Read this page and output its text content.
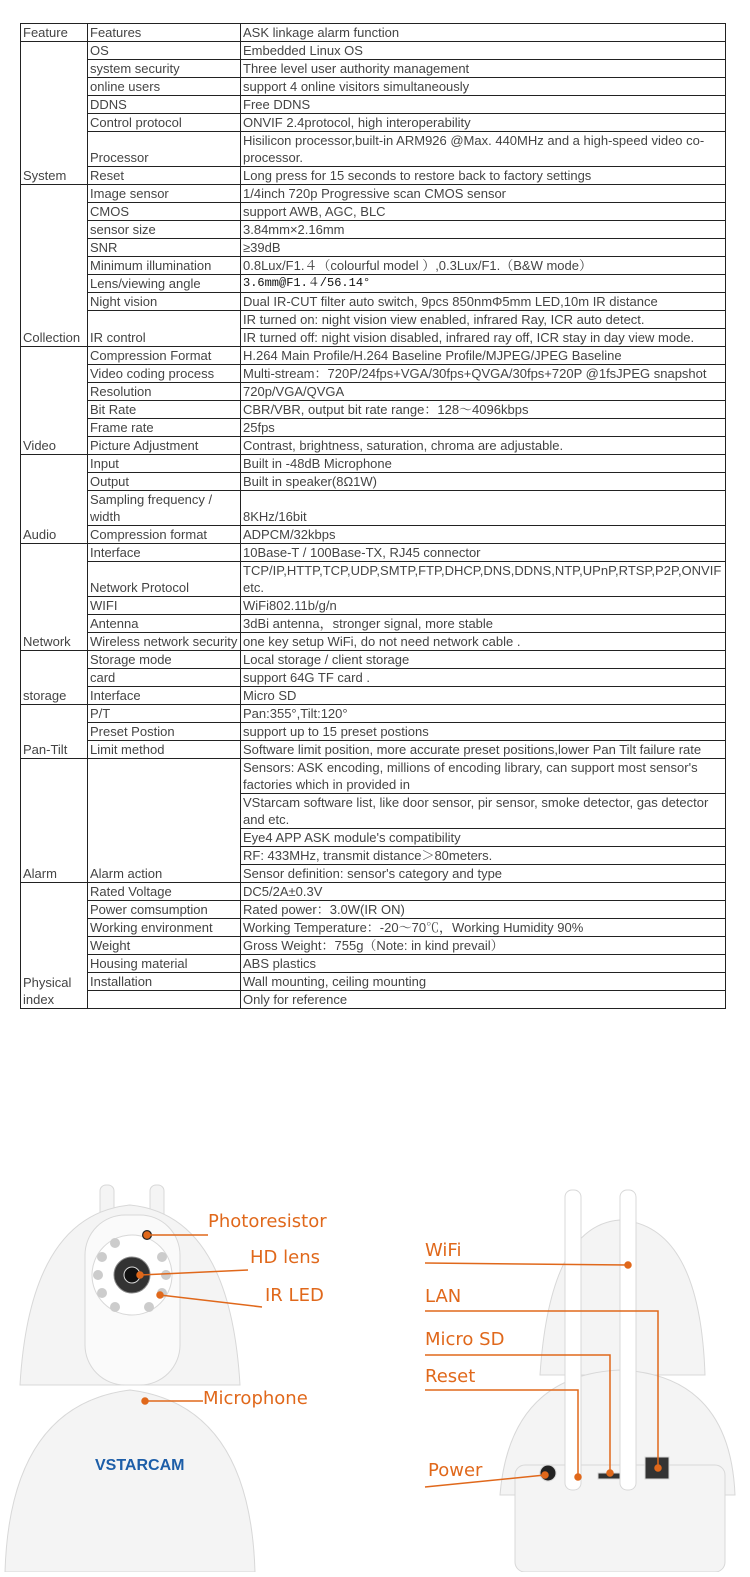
Feature	Features	ASK linkage alarm function
System	OS	Embedded Linux OS
	system security	Three level user authority management
	online users	support 4 online visitors simultaneously
	DDNS	Free DDNS
	Control protocol	ONVIF 2.4protocol, high interoperability
	Processor	Hisilicon processor,built-in ARM926 @Max. 440MHz and a high-speed video co-processor.
	Reset	Long press for 15 seconds to restore back to factory settings
Collection	Image sensor	1/4inch 720p Progressive scan CMOS sensor
	CMOS	support AWB, AGC, BLC
	sensor size	3.84mm×2.16mm
	SNR	≥39dB
	Minimum illumination	0.8Lux/F1.４（colourful model ）,0.3Lux/F1.（B&W mode）
	Lens/viewing angle	3.6mm@F1.４/56.14°
	Night vision	Dual IR-CUT filter auto switch, 9pcs 850nmΦ5mm LED,10m IR distance
	IR control	IR turned on: night vision view enabled, infrared Ray, ICR auto detect.
		IR turned off: night vision disabled, infrared ray off, ICR stay in day view mode.
Video	Compression Format	H.264 Main Profile/H.264 Baseline Profile/MJPEG/JPEG Baseline
	Video coding process	Multi-stream：720P/24fps+VGA/30fps+QVGA/30fps+720P @1fsJPEG snapshot
	Resolution	720p/VGA/QVGA
	Bit Rate	CBR/VBR, output bit rate range：128～4096kbps
	Frame rate	25fps
	Picture Adjustment	Contrast, brightness, saturation, chroma are adjustable.
Audio	Input	Built in -48dB Microphone
	Output	Built in speaker(8Ω1W)
	Sampling frequency / width	8KHz/16bit
	Compression format	ADPCM/32kbps
Network	Interface	10Base-T / 100Base-TX, RJ45 connector
	Network Protocol	TCP/IP,HTTP,TCP,UDP,SMTP,FTP,DHCP,DNS,DDNS,NTP,UPnP,RTSP,P2P,ONVIF etc.
	WIFI	WiFi802.11b/g/n
	Antenna	3dBi antenna，stronger signal, more stable
	Wireless network security	one key setup WiFi, do not need network cable .
storage	Storage mode	Local storage / client storage
	card	support 64G TF card .
	Interface	Micro SD
Pan-Tilt	P/T	Pan:355°,Tilt:120°
	Preset Postion	support up to 15 preset postions
	Limit method	Software limit position, more accurate preset positions,lower Pan Tilt failure rate
Alarm	Alarm action	Sensors: ASK encoding, millions of encoding library, can support most sensor's factories which in provided in
		VStarcam software list, like door sensor, pir sensor, smoke detector, gas detector and etc.
		Eye4 APP ASK module's compatibility
		RF: 433MHz, transmit distance＞80meters.
		Sensor definition: sensor's category and type
Physical index	Rated Voltage	DC5/2A±0.3V
	Power comsumption	Rated power：3.0W(IR ON)
	Working environment	Working Temperature：-20～70℃，Working Humidity 90%
	Weight	Gross Weight：755g（Note: in kind prevail）
	Housing material	ABS plastics
	Installation	Wall mounting, ceiling mounting
		Only for reference
VSTARCAM
Photoresistor
HD lens
IR LED
Microphone
WiFi
LAN
Micro SD
Reset
Power
